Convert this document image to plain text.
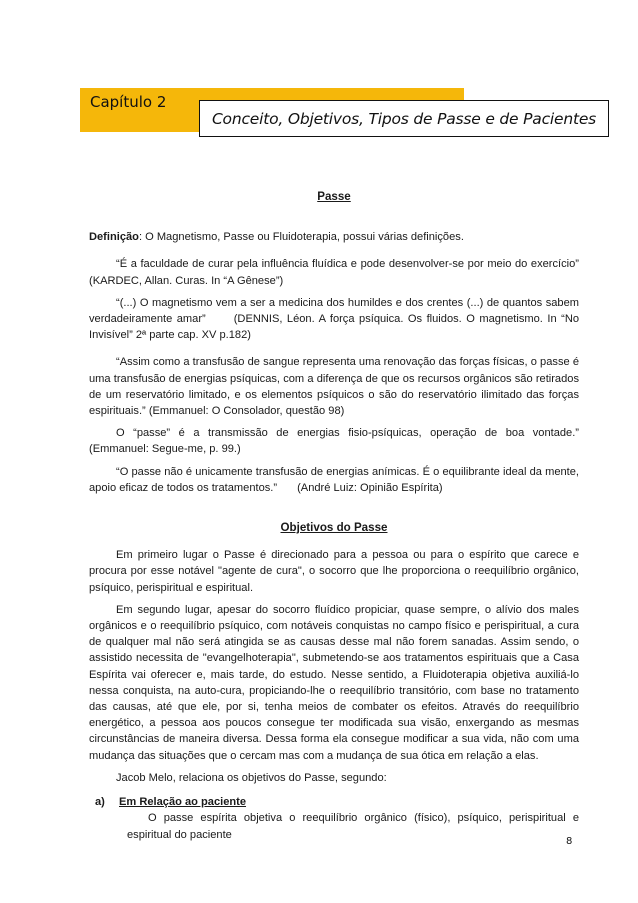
Capítulo 2
Conceito, Objetivos, Tipos de Passe e de Pacientes

Passe

Definição: O Magnetismo, Passe ou Fluidoterapia, possui várias definições.

“É a faculdade de curar pela influência fluídica e pode desenvolver-se por meio do exercício” (KARDEC, Allan. Curas. In “A Gênese”)

“(...) O magnetismo vem a ser a medicina dos humildes e dos crentes (...) de quantos sabem verdadeiramente amar”	(DENNIS, Léon. A força psíquica. Os fluidos. O magnetismo. In “No Invisível” 2ª parte cap. XV p.182)

“Assim como a transfusão de sangue representa uma renovação das forças físicas, o passe é uma transfusão de energias psíquicas, com a diferença de que os recursos orgânicos são retirados de um reservatório limitado, e os elementos psíquicos o são do reservatório ilimitado das forças espirituais.” (Emmanuel: O Consolador, questão 98)

O “passe” é a transmissão de energias fisio-psíquicas, operação de boa vontade.” (Emmanuel: Segue-me, p. 99.)

“O passe não é unicamente transfusão de energias anímicas. É o equilibrante ideal da mente, apoio eficaz de todos os tratamentos.” (André Luiz: Opinião Espírita)

Objetivos do Passe

Em primeiro lugar o Passe é direcionado para a pessoa ou para o espírito que carece e procura por esse notável "agente de cura", o socorro que lhe proporciona o reequilíbrio orgânico, psíquico, perispiritual e espiritual.

Em segundo lugar, apesar do socorro fluídico propiciar, quase sempre, o alívio dos males orgânicos e o reequilíbrio psíquico, com notáveis conquistas no campo físico e perispiritual, a cura de qualquer mal não será atingida se as causas desse mal não forem sanadas. Assim sendo, o assistido necessita de "evangelhoterapia", submetendo-se aos tratamentos espirituais que a Casa Espírita vai oferecer e, mais tarde, do estudo. Nesse sentido, a Fluidoterapia objetiva auxiliá-lo nessa conquista, na auto-cura, propiciando-lhe o reequilíbrio transitório, com base no tratamento das causas, até que ele, por si, tenha meios de combater os efeitos. Através do reequilíbrio energético, a pessoa aos poucos consegue ter modificada sua visão, enxergando as mesmas circunstâncias de maneira diversa. Dessa forma ela consegue modificar a sua vida, não com uma mudança das situações que o cercam mas com a mudança de sua ótica em relação a elas.

Jacob Melo, relaciona os objetivos do Passe, segundo:

a) Em Relação ao paciente

O passe espírita objetiva o reequilíbrio orgânico (físico), psíquico, perispiritual e espiritual do paciente

8
